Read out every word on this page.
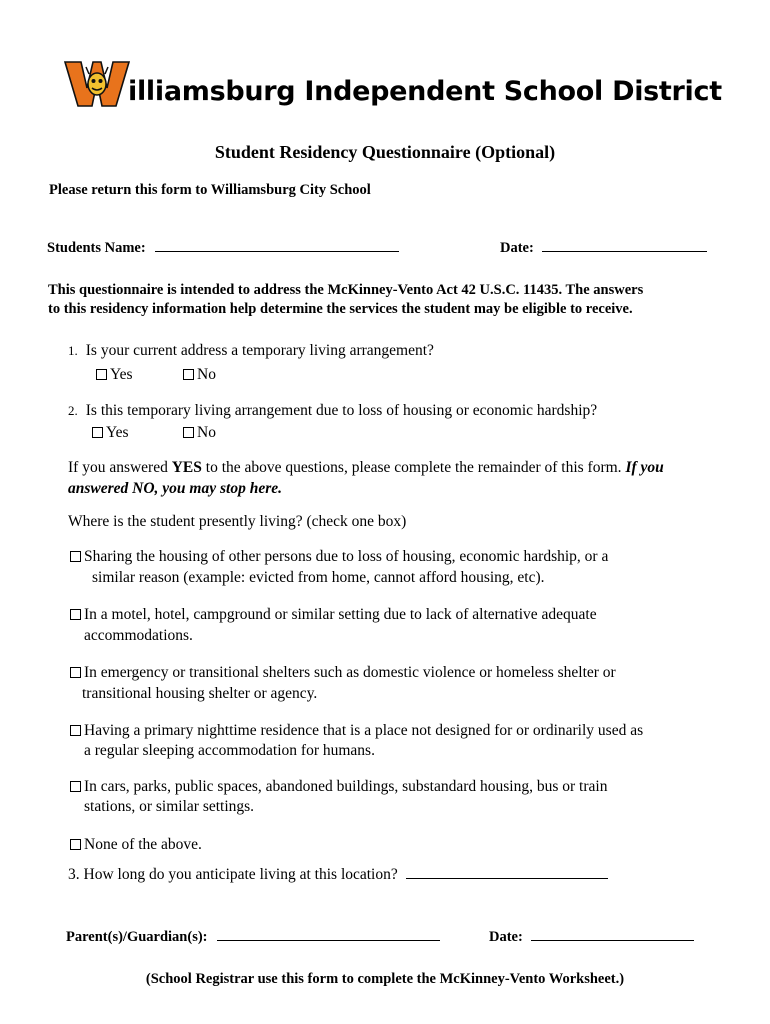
illiamsburg Independent School District
Student Residency Questionnaire (Optional)
Please return this form to Williamsburg City School
Students Name:	Date:
This questionnaire is intended to address the McKinney-Vento Act 42 U.S.C. 11435. The answers
to this residency information help determine the services the student may be eligible to receive.
1. Is your current address a temporary living arrangement?
Yes	No
2. Is this temporary living arrangement due to loss of housing or economic hardship?
Yes	No
If you answered YES to the above questions, please complete the remainder of this form. If you
answered NO, you may stop here.
Where is the student presently living? (check one box)
Sharing the housing of other persons due to loss of housing, economic hardship, or a
similar reason (example: evicted from home, cannot afford housing, etc).
In a motel, hotel, campground or similar setting due to lack of alternative adequate
accommodations.
In emergency or transitional shelters such as domestic violence or homeless shelter or
transitional housing shelter or agency.
Having a primary nighttime residence that is a place not designed for or ordinarily used as
a regular sleeping accommodation for humans.
In cars, parks, public spaces, abandoned buildings, substandard housing, bus or train
stations, or similar settings.
None of the above.
3. How long do you anticipate living at this location?
Parent(s)/Guardian(s):	Date:
(School Registrar use this form to complete the McKinney-Vento Worksheet.)
